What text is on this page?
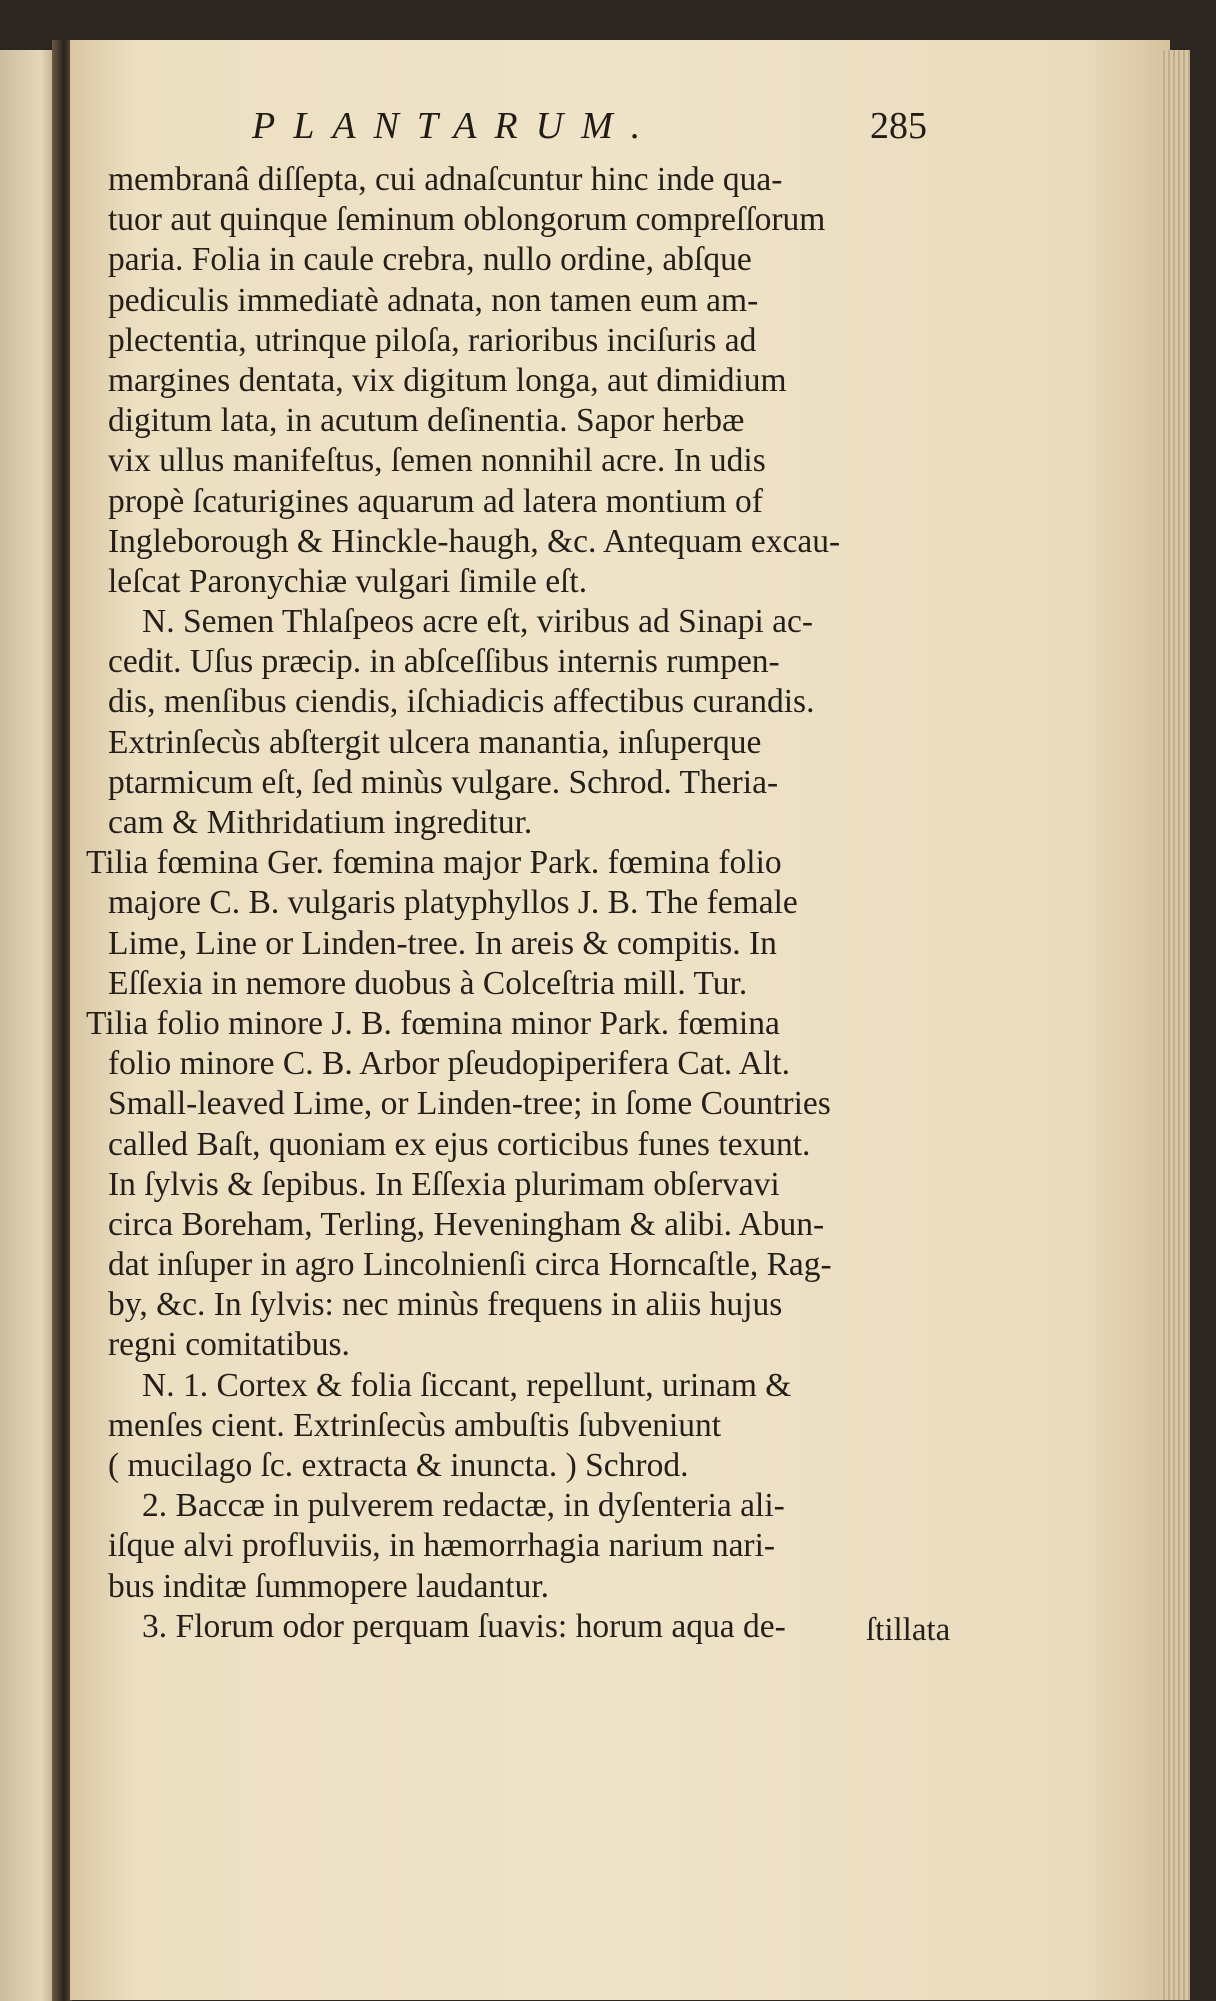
PLANTARUM.	285
membranâ diſſepta, cui adnaſcuntur hinc inde qua-
tuor aut quinque ſeminum oblongorum compreſſorum
paria. Folia in caule crebra, nullo ordine, abſque
pediculis immediatè adnata, non tamen eum am-
plectentia, utrinque piloſa, rarioribus inciſuris ad
margines dentata, vix digitum longa, aut dimidium
digitum lata, in acutum deſinentia. Sapor herbæ
vix ullus manifeſtus, ſemen nonnihil acre. In udis
propè ſcaturigines aquarum ad latera montium of
Ingleborough & Hinckle-haugh, &c. Antequam excau-
leſcat Paronychiæ vulgari ſimile eſt.
N. Semen Thlaſpeos acre eſt, viribus ad Sinapi ac-
cedit. Uſus præcip. in abſceſſibus internis rumpen-
dis, menſibus ciendis, iſchiadicis affectibus curandis.
Extrinſecùs abſtergit ulcera manantia, inſuperque
ptarmicum eſt, ſed minùs vulgare. Schrod. Theria-
cam & Mithridatium ingreditur.
Tilia fœmina Ger. fœmina major Park. fœmina folio
majore C. B. vulgaris platyphyllos J. B. The female
Lime, Line or Linden-tree. In areis & compitis. In
Eſſexia in nemore duobus à Colceſtria mill. Tur.
Tilia folio minore J. B. fœmina minor Park. fœmina
folio minore C. B. Arbor pſeudopiperifera Cat. Alt.
Small-leaved Lime, or Linden-tree; in ſome Countries
called Baſt, quoniam ex ejus corticibus funes texunt.
In ſylvis & ſepibus. In Eſſexia plurimam obſervavi
circa Boreham, Terling, Heveningham & alibi. Abun-
dat inſuper in agro Lincolnienſi circa Horncaſtle, Rag-
by, &c. In ſylvis: nec minùs frequens in aliis hujus
regni comitatibus.
N. 1. Cortex & folia ſiccant, repellunt, urinam &
menſes cient. Extrinſecùs ambuſtis ſubveniunt
( mucilago ſc. extracta & inuncta. ) Schrod.
2. Baccæ in pulverem redactæ, in dyſenteria ali-
iſque alvi profluviis, in hæmorrhagia narium nari-
bus inditæ ſummopere laudantur.
3. Florum odor perquam ſuavis: horum aqua de-	ſtillata
